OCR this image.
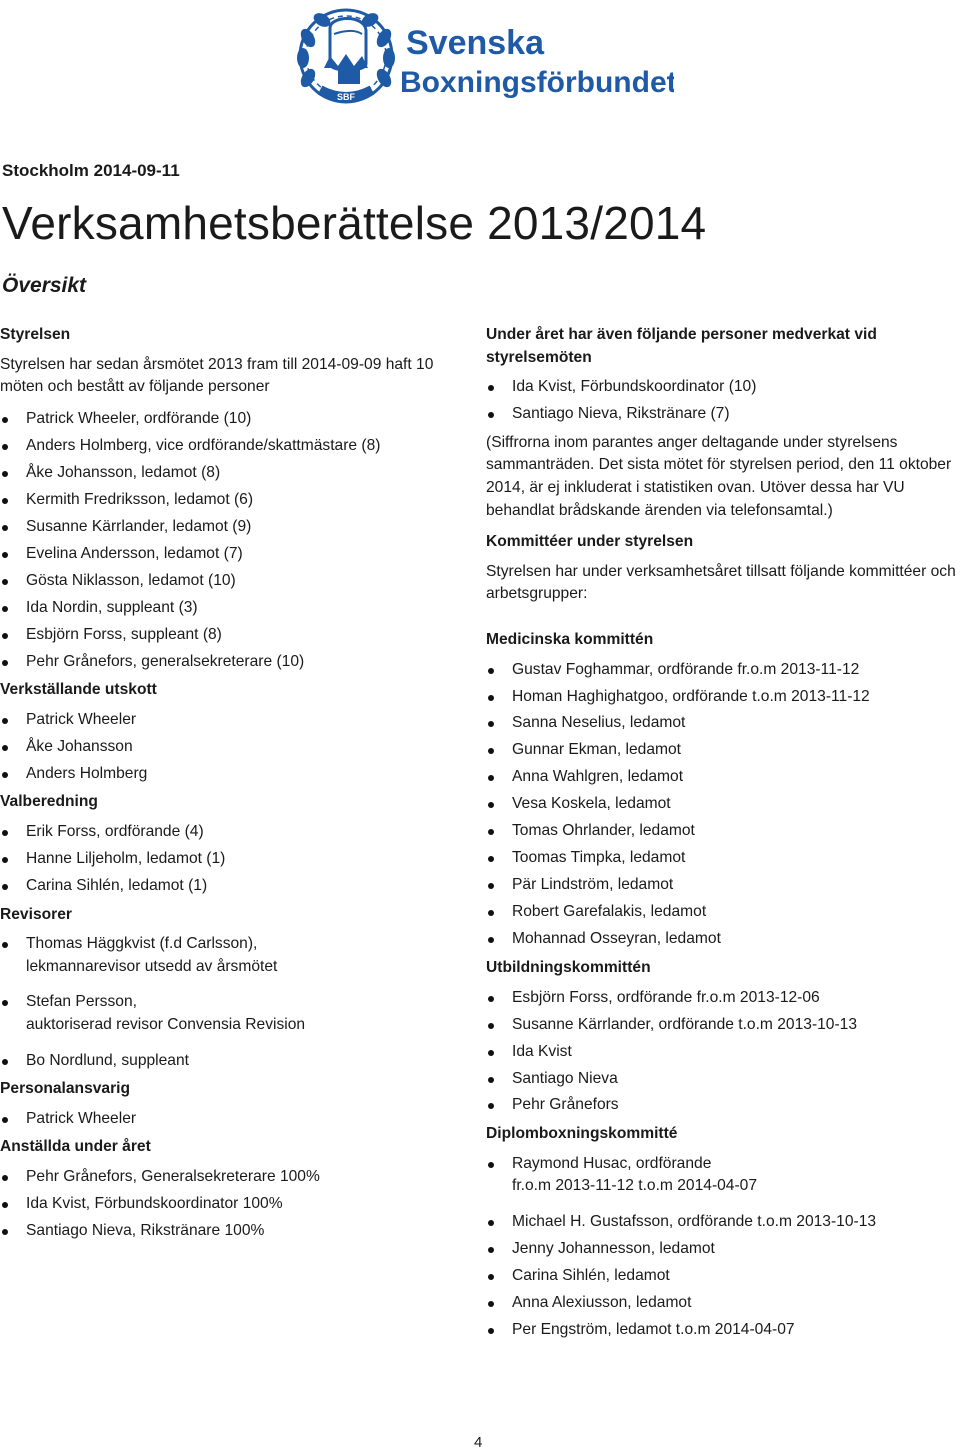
SBF
Svenska
Boxningsförbundet
Stockholm 2014-09-11
Verksamhetsberättelse 2013/2014
Översikt

Styrelsen

Styrelsen har sedan årsmötet 2013 fram till 2014-09-09 haft 10 möten och bestått av följande personer

Patrick Wheeler, ordförande (10)
Anders Holmberg, vice ordförande/skattmästare (8)
Åke Johansson, ledamot (8)
Kermith Fredriksson, ledamot (6)
Susanne Kärrlander, ledamot (9)
Evelina Andersson, ledamot (7)
Gösta Niklasson, ledamot (10)
Ida Nordin, suppleant (3)
Esbjörn Forss, suppleant (8)
Pehr Grånefors, generalsekreterare (10)

Verkställande utskott

Patrick Wheeler
Åke Johansson
Anders Holmberg

Valberedning

Erik Forss, ordförande (4)
Hanne Liljeholm, ledamot (1)
Carina Sihlén, ledamot (1)

Revisorer

Thomas Häggkvist (f.d Carlsson),
lekmannarevisor utsedd av årsmötet
Stefan Persson,
auktoriserad revisor Convensia Revision
Bo Nordlund, suppleant

Personalansvarig

Patrick Wheeler

Anställda under året

Pehr Grånefors, Generalsekreterare 100%
Ida Kvist, Förbundskoordinator 100%
Santiago Nieva, Rikstränare 100%

Under året har även följande personer medverkat vid styrelsemöten

Ida Kvist, Förbundskoordinator (10)
Santiago Nieva, Rikstränare (7)

(Siffrorna inom parantes anger deltagande under styrelsens sammanträden. Det sista mötet för styrelsen period, den 11 oktober 2014, är ej inkluderat i statistiken ovan. Utöver dessa har VU behandlat brådskande ärenden via telefonsamtal.)

Kommittéer under styrelsen

Styrelsen har under verksamhetsåret tillsatt följande kommittéer och arbetsgrupper:

Medicinska kommittén

Gustav Foghammar, ordförande fr.o.m 2013-11-12
Homan Haghighatgoo, ordförande t.o.m 2013-11-12
Sanna Neselius, ledamot
Gunnar Ekman, ledamot
Anna Wahlgren, ledamot
Vesa Koskela, ledamot
Tomas Ohrlander, ledamot
Toomas Timpka, ledamot
Pär Lindström, ledamot
Robert Garefalakis, ledamot
Mohannad Osseyran, ledamot

Utbildningskommittén

Esbjörn Forss, ordförande fr.o.m 2013-12-06
Susanne Kärrlander, ordförande t.o.m 2013-10-13
Ida Kvist
Santiago Nieva
Pehr Grånefors

Diplomboxningskommitté

Raymond Husac, ordförande
fr.o.m 2013-11-12 t.o.m 2014-04-07
Michael H. Gustafsson, ordförande t.o.m 2013-10-13
Jenny Johannesson, ledamot
Carina Sihlén, ledamot
Anna Alexiusson, ledamot
Per Engström, ledamot t.o.m 2014-04-07
4
